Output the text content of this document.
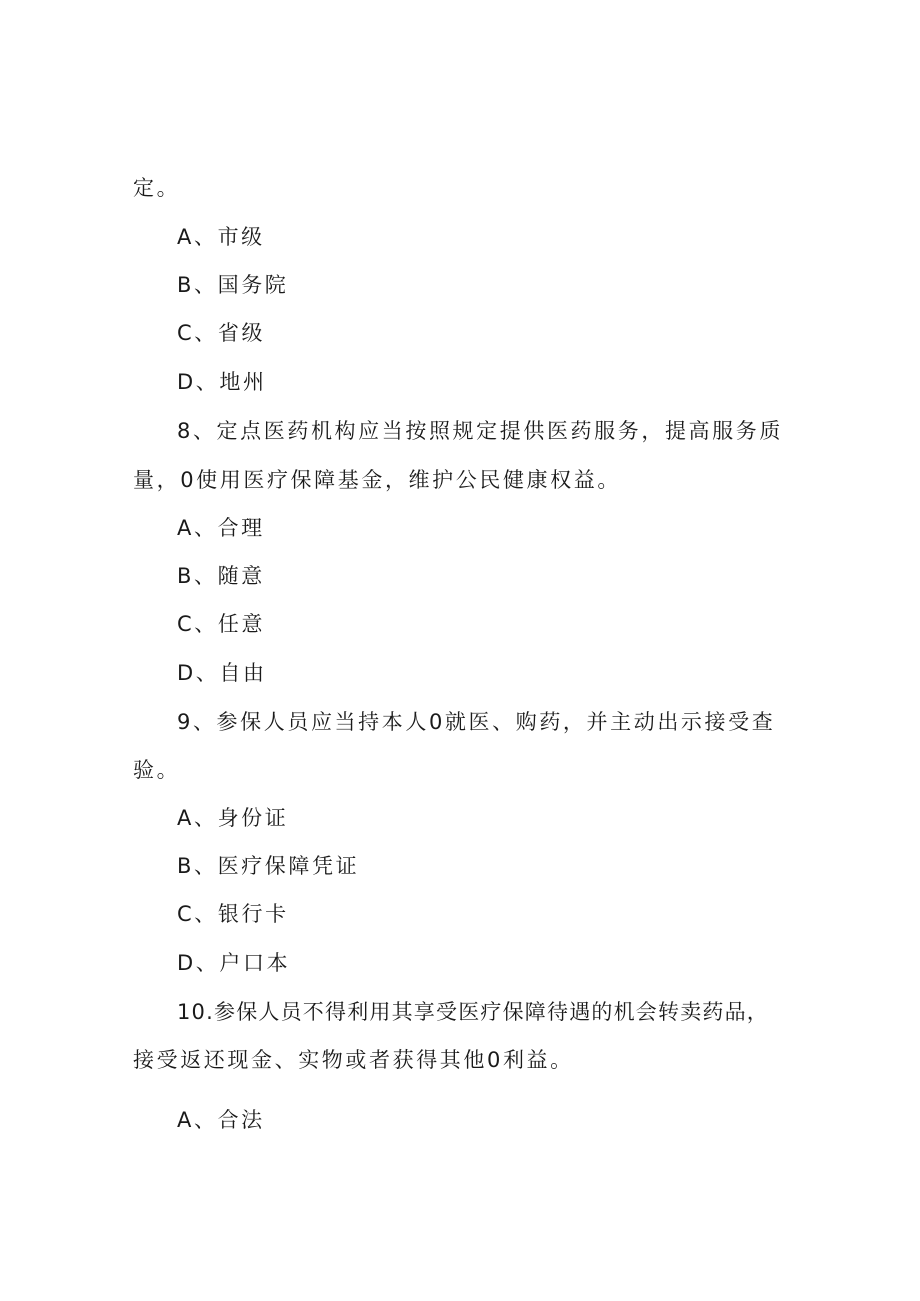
定。
A、市级
B、国务院
C、省级
D、地州
8、定点医药机构应当按照规定提供医药服务，提高服务质
量，0使用医疗保障基金，维护公民健康权益。
A、合理
B、随意
C、任意
D、自由
9、参保人员应当持本人0就医、购药，并主动出示接受查
验。
A、身份证
B、医疗保障凭证
C、银行卡
D、户口本
10.参保人员不得利用其享受医疗保障待遇的机会转卖药品，
接受返还现金、实物或者获得其他0利益。
A、合法
